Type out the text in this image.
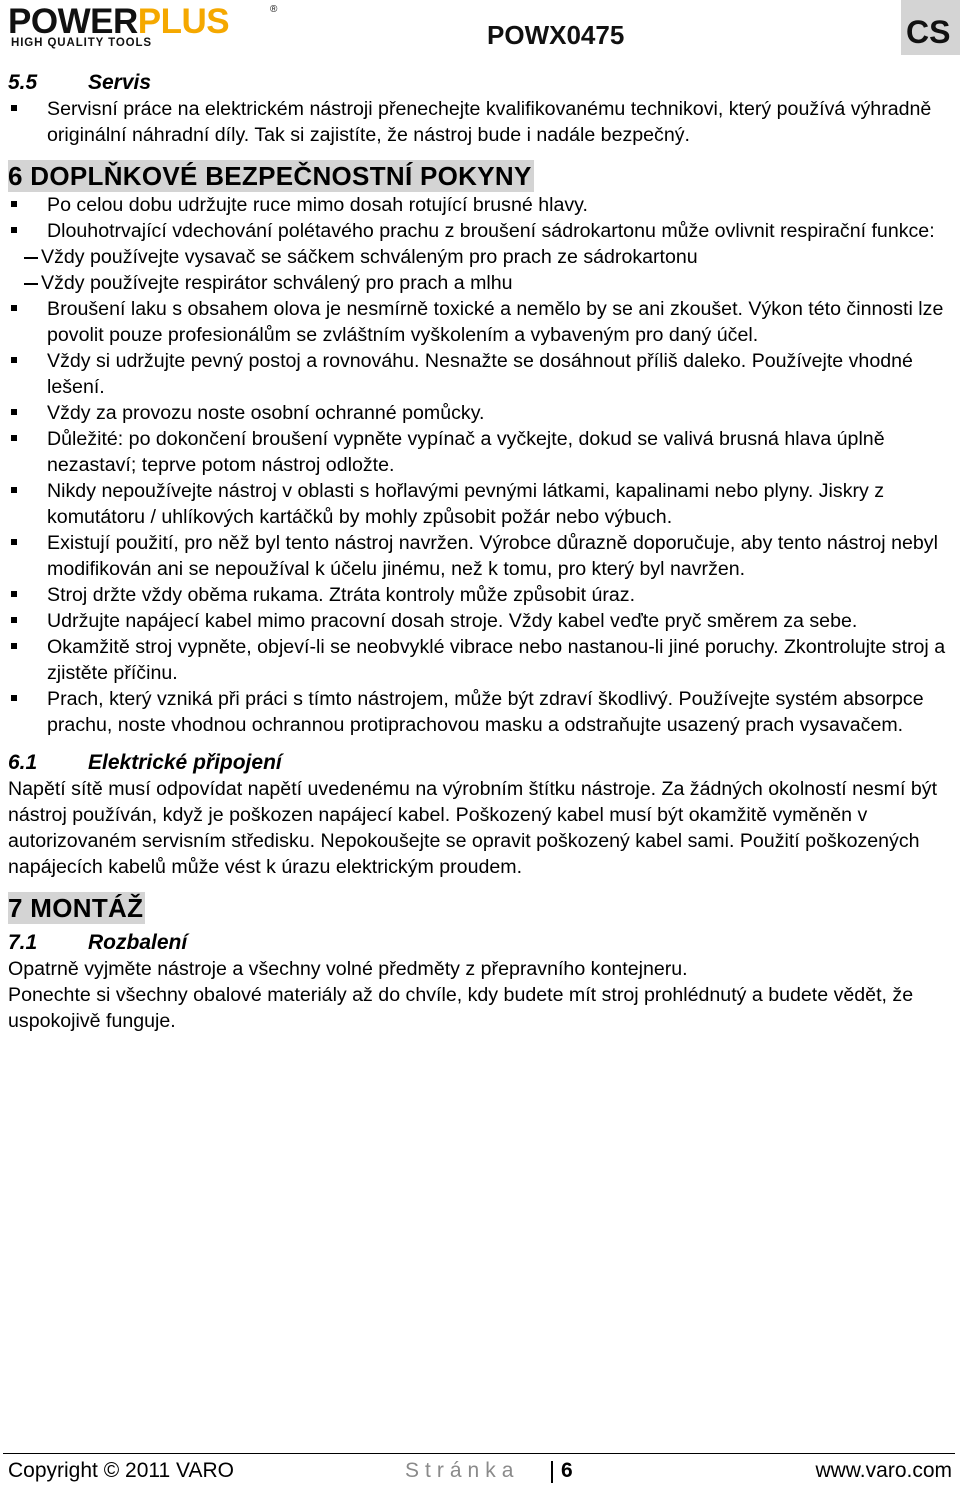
POWERPLUS	®
HIGH QUALITY TOOLS	POWX0475	CS
5.5 Servis
Servisní práce na elektrickém nástroji přenechejte kvalifikovanému technikovi, který používá výhradně originální náhradní díly. Tak si zajistíte, že nástroj bude i nadále bezpečný.
6 DOPLŇKOVÉ BEZPEČNOSTNÍ POKYNY
Po celou dobu udržujte ruce mimo dosah rotující brusné hlavy.
Dlouhotrvající vdechování polétavého prachu z broušení sádrokartonu může ovlivnit respirační funkce:
Vždy používejte vysavač se sáčkem schváleným pro prach ze sádrokartonu
Vždy používejte respirátor schválený pro prach a mlhu
Broušení laku s obsahem olova je nesmírně toxické a nemělo by se ani zkoušet. Výkon této činnosti lze povolit pouze profesionálům se zvláštním vyškolením a vybaveným pro daný účel.
Vždy si udržujte pevný postoj a rovnováhu. Nesnažte se dosáhnout příliš daleko. Používejte vhodné lešení.
Vždy za provozu noste osobní ochranné pomůcky.
Důležité: po dokončení broušení vypněte vypínač a vyčkejte, dokud se valivá brusná hlava úplně nezastaví; teprve potom nástroj odložte.
Nikdy nepoužívejte nástroj v oblasti s hořlavými pevnými látkami, kapalinami nebo plyny. Jiskry z komutátoru / uhlíkových kartáčků by mohly způsobit požár nebo výbuch.
Existují použití, pro něž byl tento nástroj navržen. Výrobce důrazně doporučuje, aby tento nástroj nebyl modifikován ani se nepoužíval k účelu jinému, než k tomu, pro který byl navržen.
Stroj držte vždy oběma rukama. Ztráta kontroly může způsobit úraz.
Udržujte napájecí kabel mimo pracovní dosah stroje. Vždy kabel veďte pryč směrem za sebe.
Okamžitě stroj vypněte, objeví-li se neobvyklé vibrace nebo nastanou-li jiné poruchy. Zkontrolujte stroj a zjistěte příčinu.
Prach, který vzniká při práci s tímto nástrojem, může být zdraví škodlivý. Používejte systém absorpce prachu, noste vhodnou ochrannou protiprachovou masku a odstraňujte usazený prach vysavačem.
6.1 Elektrické připojení
Napětí sítě musí odpovídat napětí uvedenému na výrobním štítku nástroje. Za žádných okolností nesmí být nástroj používán, když je poškozen napájecí kabel. Poškozený kabel musí být okamžitě vyměněn v autorizovaném servisním středisku. Nepokoušejte se opravit poškozený kabel sami. Použití poškozených napájecích kabelů může vést k úrazu elektrickým proudem.
7 MONTÁŽ
7.1 Rozbalení
Opatrně vyjměte nástroje a všechny volné předměty z přepravního kontejneru.
Ponechte si všechny obalové materiály až do chvíle, kdy budete mít stroj prohlédnutý a budete vědět, že uspokojivě funguje.
Copyright © 2011 VARO	Stránka 6	www.varo.com
